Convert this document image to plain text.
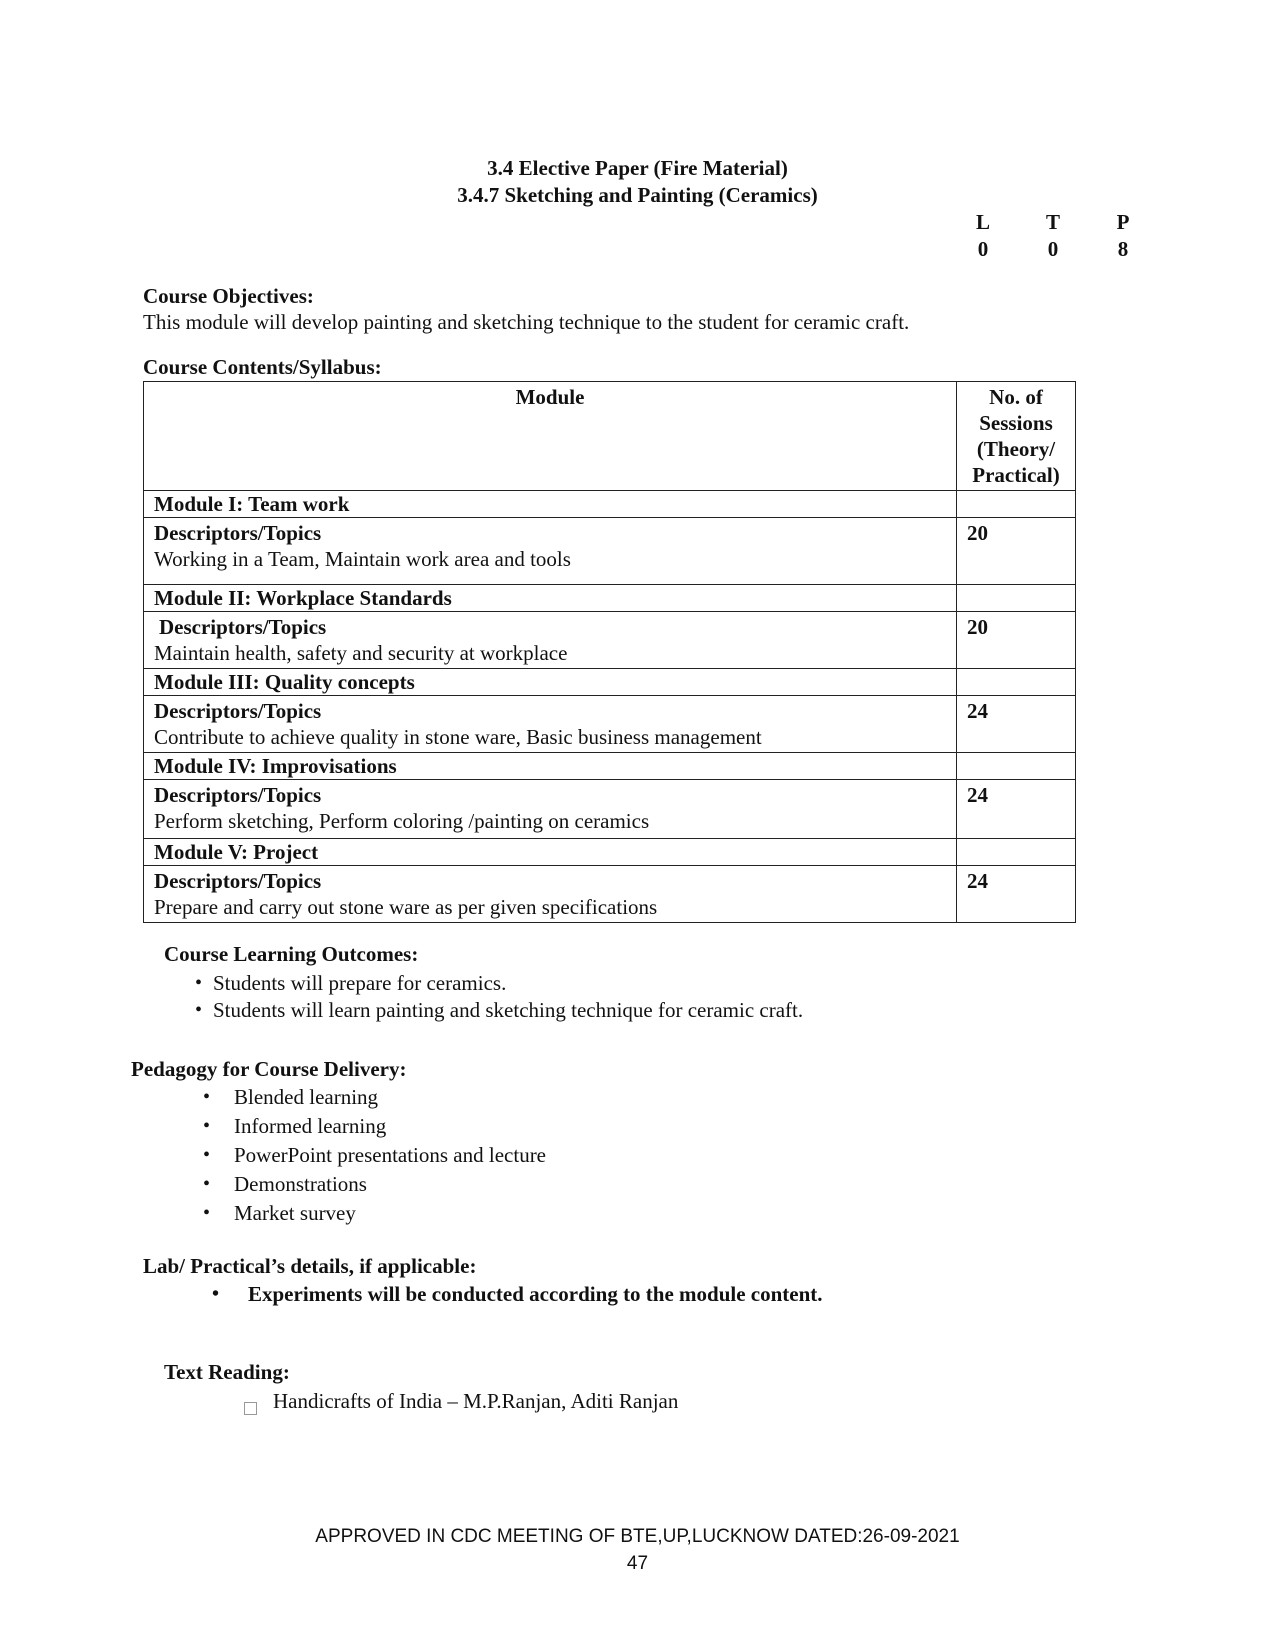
3.4 Elective Paper (Fire Material)
3.4.7 Sketching and Painting (Ceramics)
L	T	P
0	0	8
Course Objectives:
This module will develop painting and sketching technique to the student for ceramic craft.
Course Contents/Syllabus:
Module	No. of Sessions (Theory/ Practical)
Module I: Team work	

Descriptors/Topics
Working in a Team, Maintain work area and tools	20
Module II: Workplace Standards	

Descriptors/Topics
Maintain health, safety and security at workplace	20
Module III: Quality concepts	

Descriptors/Topics
Contribute to achieve quality in stone ware, Basic business management	24
Module IV: Improvisations	

Descriptors/Topics
Perform sketching, Perform coloring /painting on ceramics	24
Module V: Project	

Descriptors/Topics
Prepare and carry out stone ware as per given specifications	24
Course Learning Outcomes:
• Students will prepare for ceramics.
• Students will learn painting and sketching technique for ceramic craft.
Pedagogy for Course Delivery:
• Blended learning
• Informed learning
• PowerPoint presentations and lecture
• Demonstrations
• Market survey
Lab/ Practical’s details, if applicable:
• Experiments will be conducted according to the module content.
Text Reading:
Handicrafts of India – M.P.Ranjan, Aditi Ranjan
APPROVED IN CDC MEETING OF BTE,UP,LUCKNOW DATED:26-09-2021
47
